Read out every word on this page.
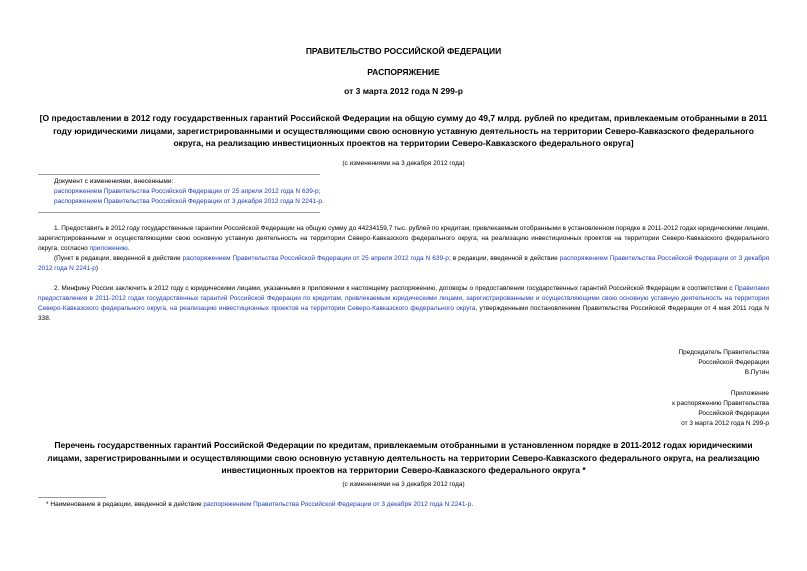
ПРАВИТЕЛЬСТВО РОССИЙСКОЙ ФЕДЕРАЦИИ
РАСПОРЯЖЕНИЕ
от 3 марта 2012 года N 299-р
[О предоставлении в 2012 году государственных гарантий Российской Федерации на общую сумму до 49,7 млрд. рублей по кредитам, привлекаемым отобранными в 2011 году юридическими лицами, зарегистрированными и осуществляющими свою основную уставную деятельность на территории Северо-Кавказского федерального округа, на реализацию инвестиционных проектов на территории Северо-Кавказского федерального округа]
(с изменениями на 3 декабря 2012 года)
Документ с изменениями, внесенными:
распоряжением Правительства Российской Федерации от 25 апреля 2012 года N 639-р;
распоряжением Правительства Российской Федерации от 3 декабря 2012 года N 2241-р.
1. Предоставить в 2012 году государственные гарантии Российской Федерации на общую сумму до 44234159,7 тыс. рублей по кредитам, привлекаемым отобранными в установленном порядке в 2011-2012 годах юридическими лицами, зарегистрированными и осуществляющими свою основную уставную деятельность на территории Северо-Кавказского федерального округа, на реализацию инвестиционных проектов на территории Северо-Кавказского федерального округа, согласно приложению.
(Пункт в редакции, введенной в действие распоряжением Правительства Российской Федерации от 25 апреля 2012 года N 639-р; в редакции, введенной в действие распоряжением Правительства Российской Федерации от 3 декабря 2012 года N 2241-р)
2. Минфину России заключить в 2012 году с юридическими лицами, указанными в приложении к настоящему распоряжению, договоры о предоставлении государственных гарантий Российской Федерации в соответствии с Правилами предоставления в 2011-2012 годах государственных гарантий Российской Федерации по кредитам, привлекаемым юридическими лицами, зарегистрированными и осуществляющими свою основную уставную деятельность на территории Северо-Кавказского федерального округа, на реализацию инвестиционных проектов на территории Северо-Кавказского федерального округа, утвержденными постановлением Правительства Российской Федерации от 4 мая 2011 года N 338.
Председатель Правительства
Российской Федерации
В.Путин
Приложение
к распоряжению Правительства
Российской Федерации
от 3 марта 2012 года N 299-р
Перечень государственных гарантий Российской Федерации по кредитам, привлекаемым отобранными в установленном порядке в 2011-2012 годах юридическими лицами, зарегистрированными и осуществляющими свою основную уставную деятельность на территории Северо-Кавказского федерального округа, на реализацию инвестиционных проектов на территории Северо-Кавказского федерального округа *
(с изменениями на 3 декабря 2012 года)
* Наименование в редакции, введенной в действие распоряжением Правительства Российской Федерации от 3 декабря 2012 года N 2241-р.
